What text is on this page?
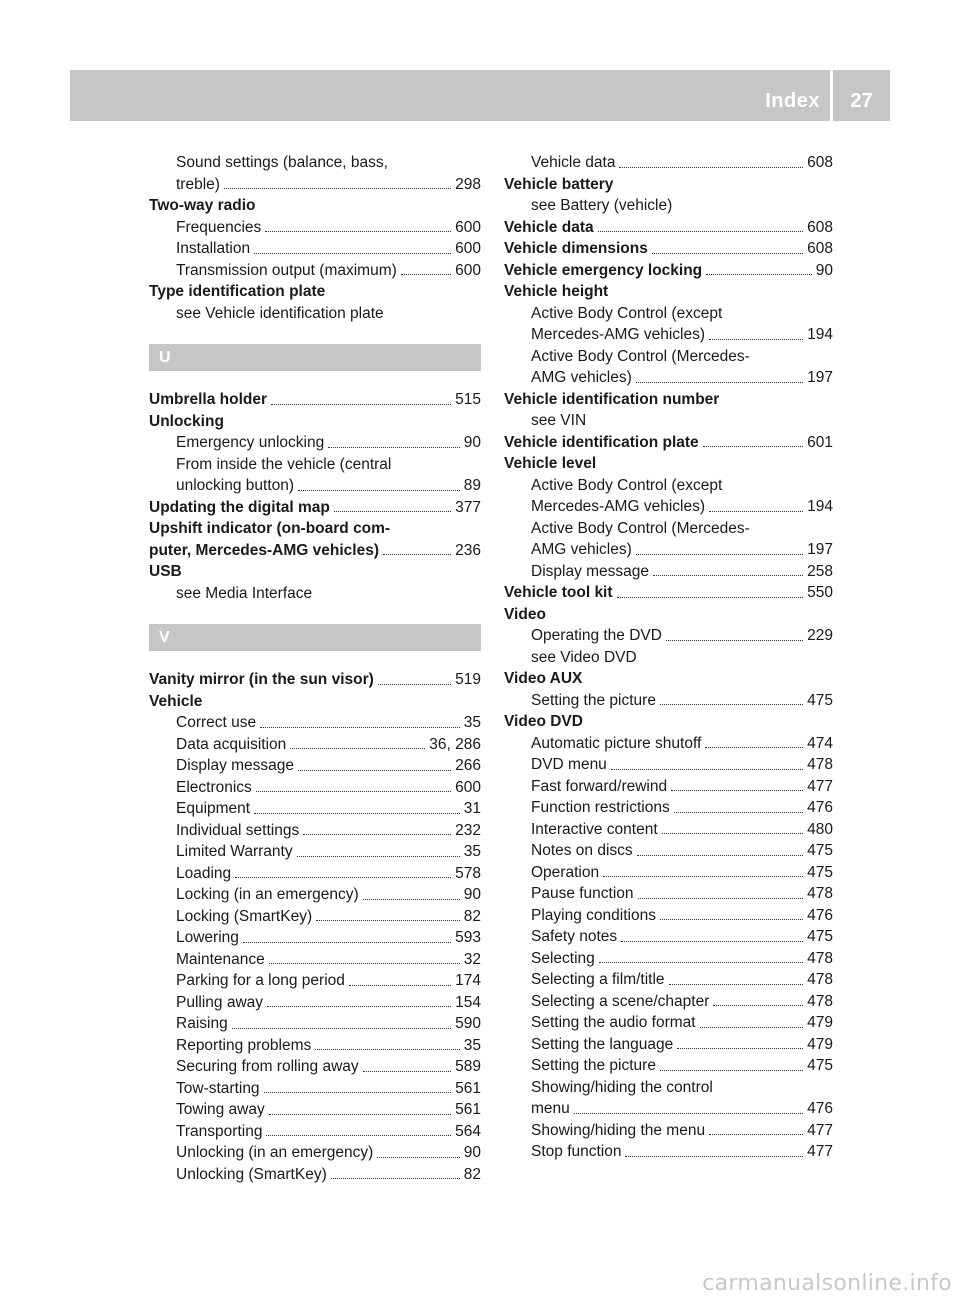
Index	27
Sound settings (balance, bass,
treble)	298
Two-way radio
Frequencies	600
Installation	600
Transmission output (maximum)	600
Type identification plate
see Vehicle identification plate
U
Umbrella holder	515
Unlocking
Emergency unlocking	90
From inside the vehicle (central
unlocking button)	89
Updating the digital map	377
Upshift indicator (on-board com-
puter, Mercedes-AMG vehicles)	236
USB
see Media Interface
V
Vanity mirror (in the sun visor)	519
Vehicle
Correct use	35
Data acquisition	36, 286
Display message	266
Electronics	600
Equipment	31
Individual settings	232
Limited Warranty	35
Loading	578
Locking (in an emergency)	90
Locking (SmartKey)	82
Lowering	593
Maintenance	32
Parking for a long period	174
Pulling away	154
Raising	590
Reporting problems	35
Securing from rolling away	589
Tow-starting	561
Towing away	561
Transporting	564
Unlocking (in an emergency)	90
Unlocking (SmartKey)	82
Vehicle data	608
Vehicle battery
see Battery (vehicle)
Vehicle data	608
Vehicle dimensions	608
Vehicle emergency locking	90
Vehicle height
Active Body Control (except
Mercedes-AMG vehicles)	194
Active Body Control (Mercedes-
AMG vehicles)	197
Vehicle identification number
see VIN
Vehicle identification plate	601
Vehicle level
Active Body Control (except
Mercedes-AMG vehicles)	194
Active Body Control (Mercedes-
AMG vehicles)	197
Display message	258
Vehicle tool kit	550
Video
Operating the DVD	229
see Video DVD
Video AUX
Setting the picture	475
Video DVD
Automatic picture shutoff	474
DVD menu	478
Fast forward/rewind	477
Function restrictions	476
Interactive content	480
Notes on discs	475
Operation	475
Pause function	478
Playing conditions	476
Safety notes	475
Selecting	478
Selecting a film/title	478
Selecting a scene/chapter	478
Setting the audio format	479
Setting the language	479
Setting the picture	475
Showing/hiding the control
menu	476
Showing/hiding the menu	477
Stop function	477
carmanualsonline.info
